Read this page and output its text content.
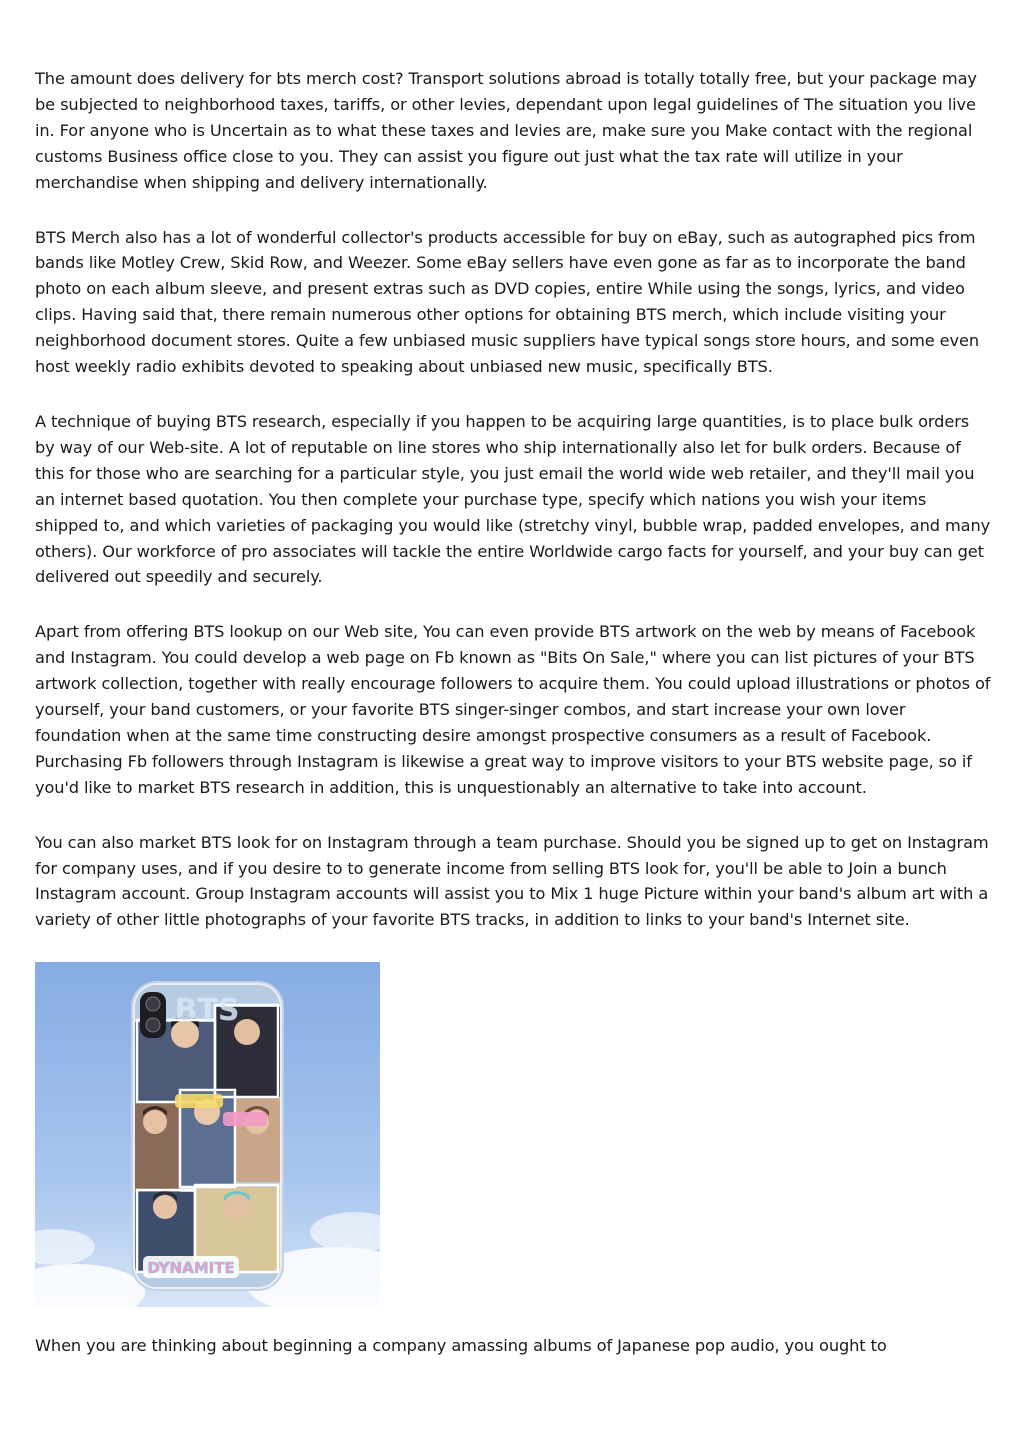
The amount does delivery for bts merch cost? Transport solutions abroad is totally totally free, but your package may be subjected to neighborhood taxes, tariffs, or other levies, dependant upon legal guidelines of The situation you live in. For anyone who is Uncertain as to what these taxes and levies are, make sure you Make contact with the regional customs Business office close to you. They can assist you figure out just what the tax rate will utilize in your merchandise when shipping and delivery internationally.

BTS Merch also has a lot of wonderful collector's products accessible for buy on eBay, such as autographed pics from bands like Motley Crew, Skid Row, and Weezer. Some eBay sellers have even gone as far as to incorporate the band photo on each album sleeve, and present extras such as DVD copies, entire While using the songs, lyrics, and video clips. Having said that, there remain numerous other options for obtaining BTS merch, which include visiting your neighborhood document stores. Quite a few unbiased music suppliers have typical songs store hours, and some even host weekly radio exhibits devoted to speaking about unbiased new music, specifically BTS.

A technique of buying BTS research, especially if you happen to be acquiring large quantities, is to place bulk orders by way of our Web-site. A lot of reputable on line stores who ship internationally also let for bulk orders. Because of this for those who are searching for a particular style, you just email the world wide web retailer, and they'll mail you an internet based quotation. You then complete your purchase type, specify which nations you wish your items shipped to, and which varieties of packaging you would like (stretchy vinyl, bubble wrap, padded envelopes, and many others). Our workforce of pro associates will tackle the entire Worldwide cargo facts for yourself, and your buy can get delivered out speedily and securely.

Apart from offering BTS lookup on our Web site, You can even provide BTS artwork on the web by means of Facebook and Instagram. You could develop a web page on Fb known as "Bits On Sale," where you can list pictures of your BTS artwork collection, together with really encourage followers to acquire them. You could upload illustrations or photos of yourself, your band customers, or your favorite BTS singer-singer combos, and start increase your own lover foundation when at the same time constructing desire amongst prospective consumers as a result of Facebook. Purchasing Fb followers through Instagram is likewise a great way to improve visitors to your BTS website page, so if you'd like to market BTS research in addition, this is unquestionably an alternative to take into account.

You can also market BTS look for on Instagram through a team purchase. Should you be signed up to get on Instagram for company uses, and if you desire to to generate income from selling BTS look for, you'll be able to Join a bunch Instagram account. Group Instagram accounts will assist you to Mix 1 huge Picture within your band's album art with a variety of other little photographs of your favorite BTS tracks, in addition to links to your band's Internet site.

BTS
DYNAMITE

When you are thinking about beginning a company amassing albums of Japanese pop audio, you ought to
